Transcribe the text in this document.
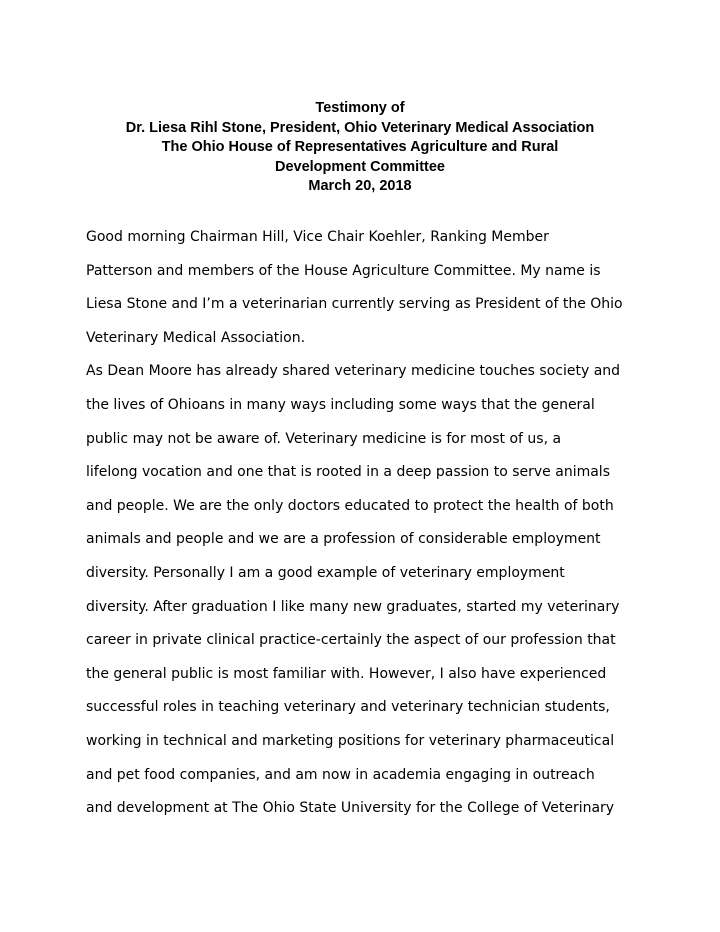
Testimony of
Dr. Liesa Rihl Stone, President, Ohio Veterinary Medical Association
The Ohio House of Representatives Agriculture and Rural
Development Committee
March 20, 2018
Good morning Chairman Hill, Vice Chair Koehler, Ranking Member
Patterson and members of the House Agriculture Committee. My name is
Liesa Stone and I’m a veterinarian currently serving as President of the Ohio
Veterinary Medical Association.
As Dean Moore has already shared veterinary medicine touches society and
the lives of Ohioans in many ways including some ways that the general
public may not be aware of. Veterinary medicine is for most of us, a
lifelong vocation and one that is rooted in a deep passion to serve animals
and people. We are the only doctors educated to protect the health of both
animals and people and we are a profession of considerable employment
diversity. Personally I am a good example of veterinary employment
diversity. After graduation I like many new graduates, started my veterinary
career in private clinical practice-certainly the aspect of our profession that
the general public is most familiar with. However, I also have experienced
successful roles in teaching veterinary and veterinary technician students,
working in technical and marketing positions for veterinary pharmaceutical
and pet food companies, and am now in academia engaging in outreach
and development at The Ohio State University for the College of Veterinary
